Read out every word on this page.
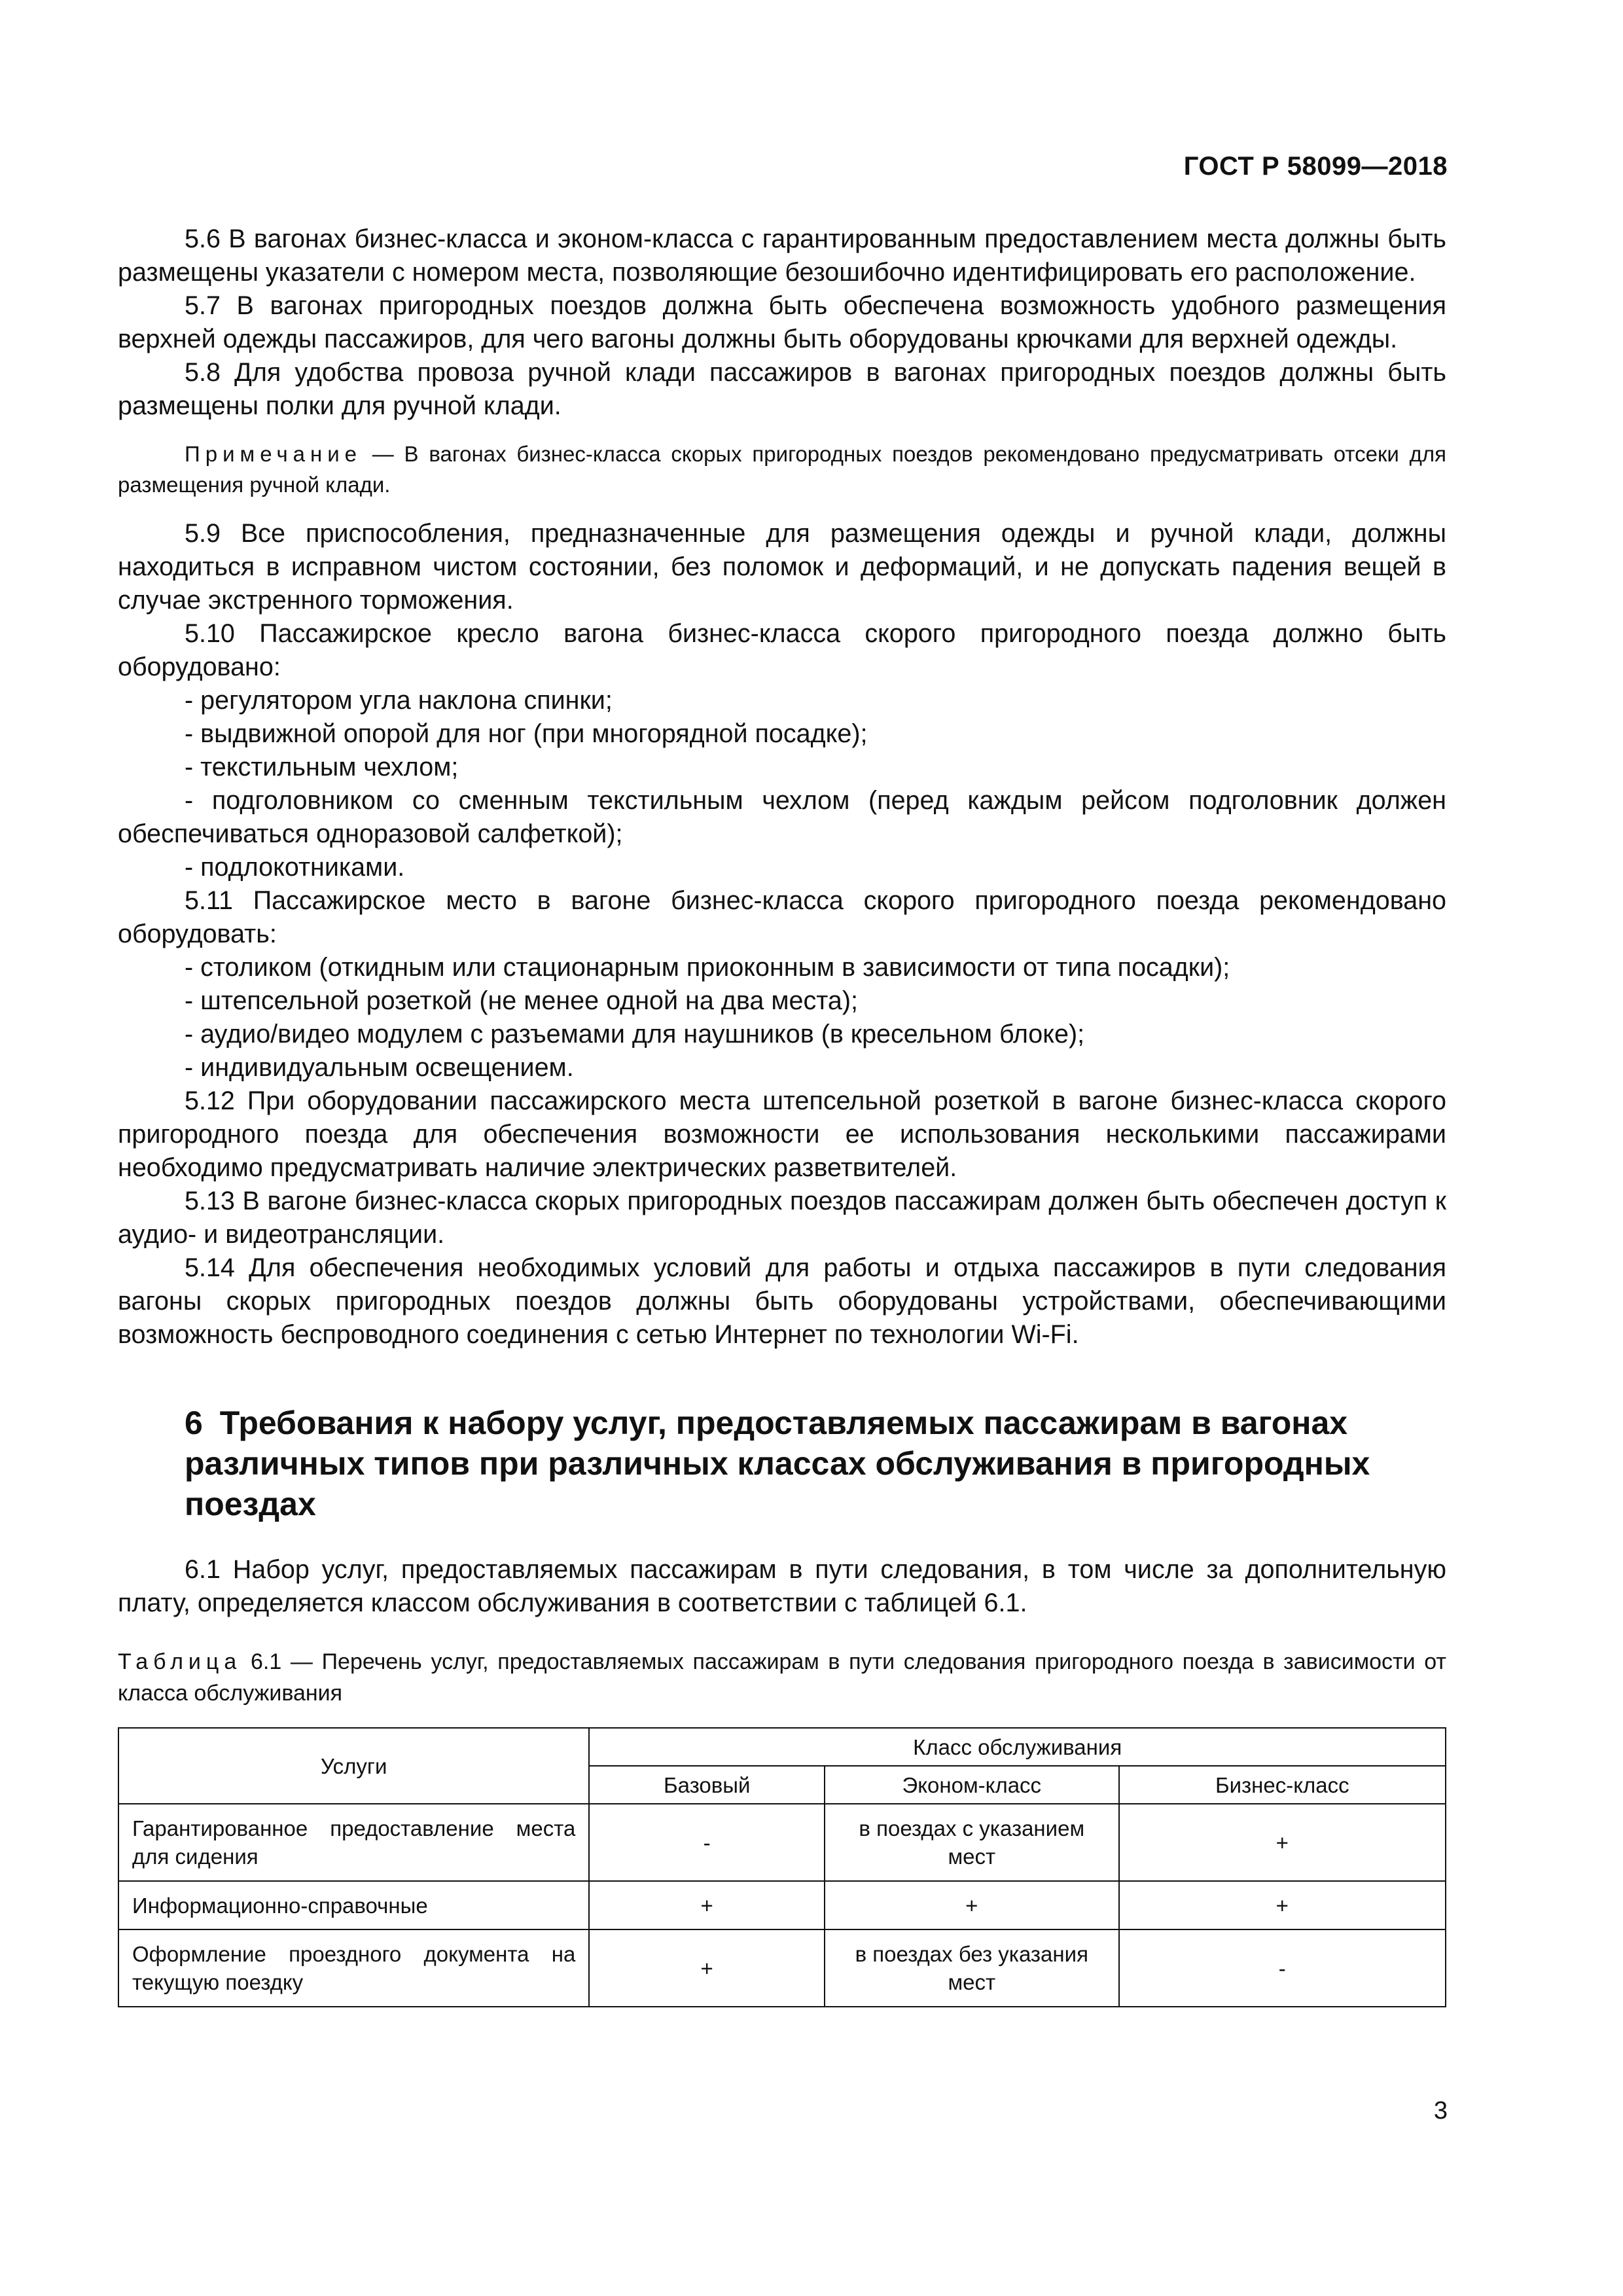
ГОСТ Р 58099—2018

5.6 В вагонах бизнес-класса и эконом-класса с гарантированным предоставлением места должны быть размещены указатели с номером места, позволяющие безошибочно идентифицировать его расположение.

5.7 В вагонах пригородных поездов должна быть обеспечена возможность удобного размещения верхней одежды пассажиров, для чего вагоны должны быть оборудованы крючками для верхней одежды.

5.8 Для удобства провоза ручной клади пассажиров в вагонах пригородных поездов должны быть размещены полки для ручной клади.

Примечание — В вагонах бизнес-класса скорых пригородных поездов рекомендовано предусматривать отсеки для размещения ручной клади.

5.9 Все приспособления, предназначенные для размещения одежды и ручной клади, должны находиться в исправном чистом состоянии, без поломок и деформаций, и не допускать падения вещей в случае экстренного торможения.

5.10 Пассажирское кресло вагона бизнес-класса скорого пригородного поезда должно быть оборудовано:

- регулятором угла наклона спинки;

- выдвижной опорой для ног (при многорядной посадке);

- текстильным чехлом;

- подголовником со сменным текстильным чехлом (перед каждым рейсом подголовник должен обеспечиваться одноразовой салфеткой);

- подлокотниками.

5.11 Пассажирское место в вагоне бизнес-класса скорого пригородного поезда рекомендовано оборудовать:

- столиком (откидным или стационарным приоконным в зависимости от типа посадки);

- штепсельной розеткой (не менее одной на два места);

- аудио/видео модулем с разъемами для наушников (в кресельном блоке);

- индивидуальным освещением.

5.12 При оборудовании пассажирского места штепсельной розеткой в вагоне бизнес-класса скорого пригородного поезда для обеспечения возможности ее использования несколькими пассажирами необходимо предусматривать наличие электрических разветвителей.

5.13 В вагоне бизнес-класса скорых пригородных поездов пассажирам должен быть обеспечен доступ к аудио- и видеотрансляции.

5.14 Для обеспечения необходимых условий для работы и отдыха пассажиров в пути следования вагоны скорых пригородных поездов должны быть оборудованы устройствами, обеспечивающими возможность беспроводного соединения с сетью Интернет по технологии Wi-Fi.

6 Требования к набору услуг, предоставляемых пассажирам в вагонах различных типов при различных классах обслуживания в пригородных поездах

6.1 Набор услуг, предоставляемых пассажирам в пути следования, в том числе за дополнительную плату, определяется классом обслуживания в соответствии с таблицей 6.1.

Таблица 6.1 — Перечень услуг, предоставляемых пассажирам в пути следования пригородного поезда в зависимости от класса обслуживания

Услуги	Класс обслуживания		
	Базовый	Эконом-класс	Бизнес-класс
Гарантированное предоставление места для сидения	-	в поездах с указанием мест	+
Информационно-справочные	+	+	+
Оформление проездного документа на текущую поездку	+	в поездах без указания мест	-
3
